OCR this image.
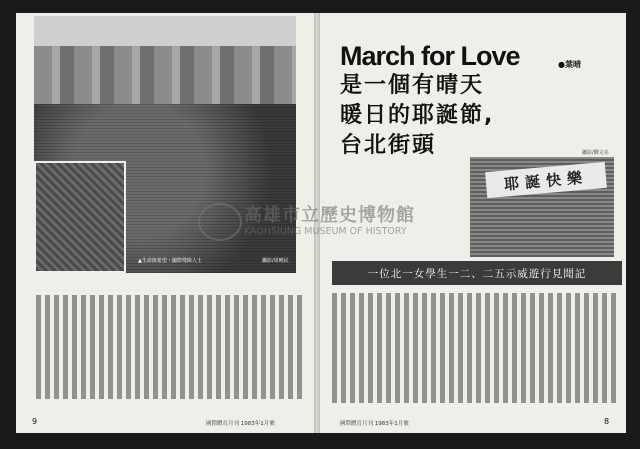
▲生命與希望・國際殘障人士	攝影/周曉民
9	國際體育月刊 1983年1月號
March for Love
是一個有晴天
暖日的耶誕節,
台北街頭
●葉晴
攝影/劉文亮
耶誕快樂
一位北一女學生一二、二五示威遊行見聞記
國際體育月刊 1983年1月號	8
高雄市立歷史博物館
KAOHSIUNG MUSEUM OF HISTORY
